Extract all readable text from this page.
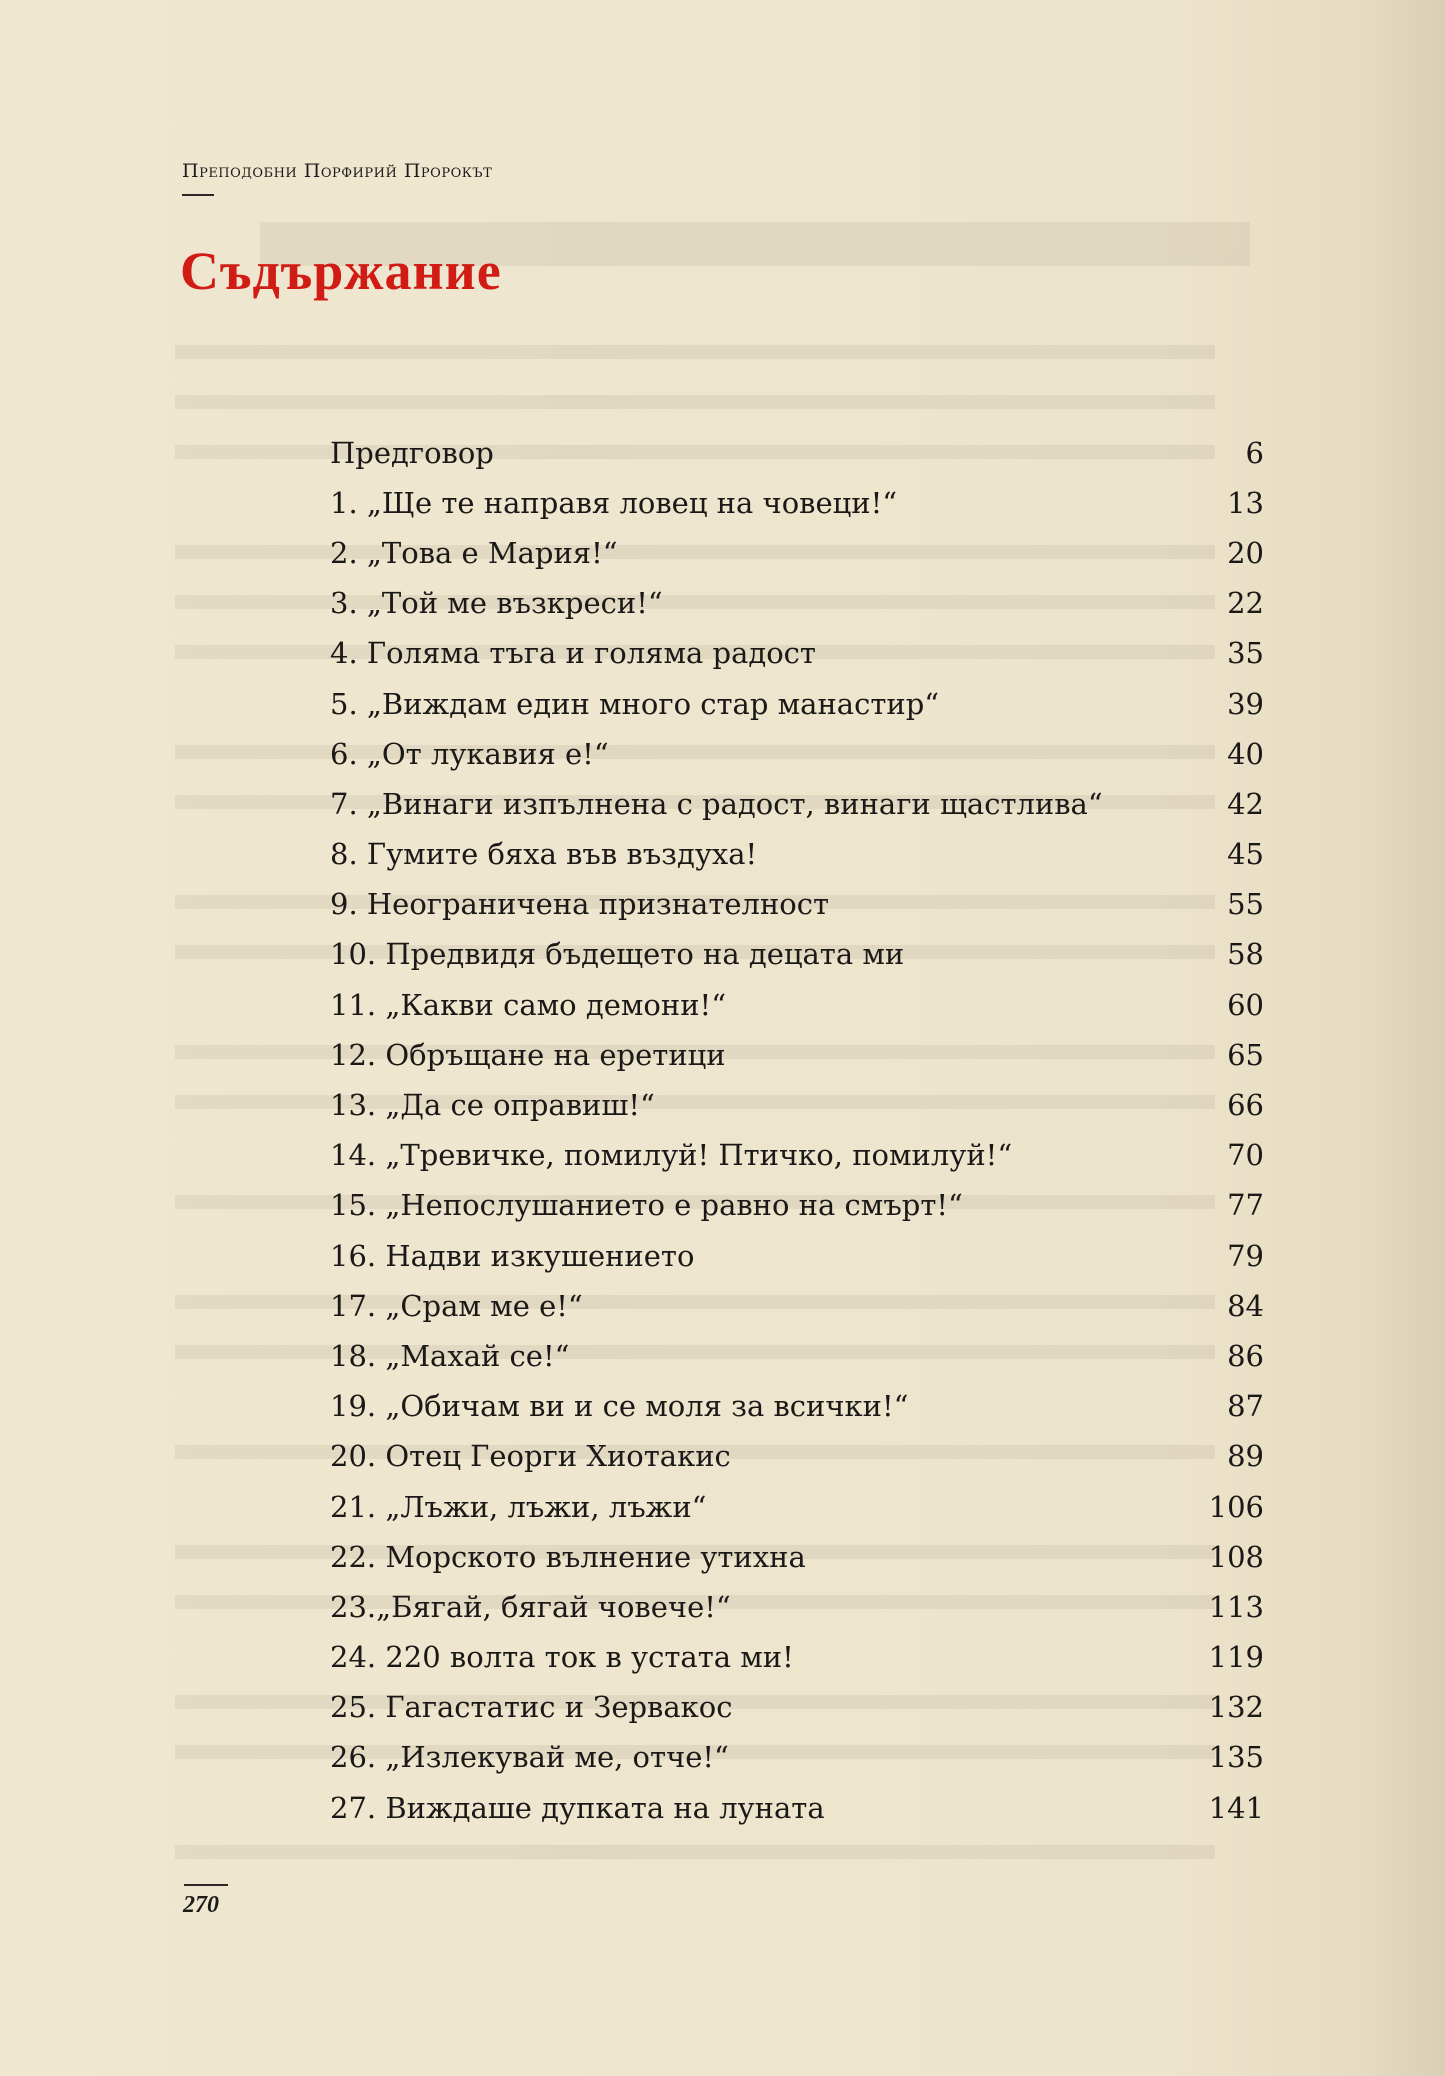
Преподобни Порфирий Пророкът
Съдържание
Предговор	6
1. „Ще те направя ловец на човеци!“	13
2. „Това е Мария!“	20
3. „Той ме възкреси!“	22
4. Голяма тъга и голяма радост	35
5. „Виждам един много стар манастир“	39
6. „От лукавия е!“	40
7. „Винаги изпълнена с радост, винаги щастлива“	42
8. Гумите бяха във въздуха!	45
9. Неограничена признателност	55
10. Предвидя бъдещето на децата ми	58
11. „Какви само демони!“	60
12. Обръщане на еретици	65
13. „Да се оправиш!“	66
14. „Тревичке, помилуй! Птичко, помилуй!“	70
15. „Непослушанието е равно на смърт!“	77
16. Надви изкушението	79
17. „Срам ме е!“	84
18. „Махай се!“	86
19. „Обичам ви и се моля за всички!“	87
20. Отец Георги Хиотакис	89
21. „Лъжи, лъжи, лъжи“	106
22. Морското вълнение утихна	108
23.„Бягай, бягай човече!“	113
24. 220 волта ток в устата ми!	119
25. Гагастатис и Зервакос	132
26. „Излекувай ме, отче!“	135
27. Виждаше дупката на луната	141
270
